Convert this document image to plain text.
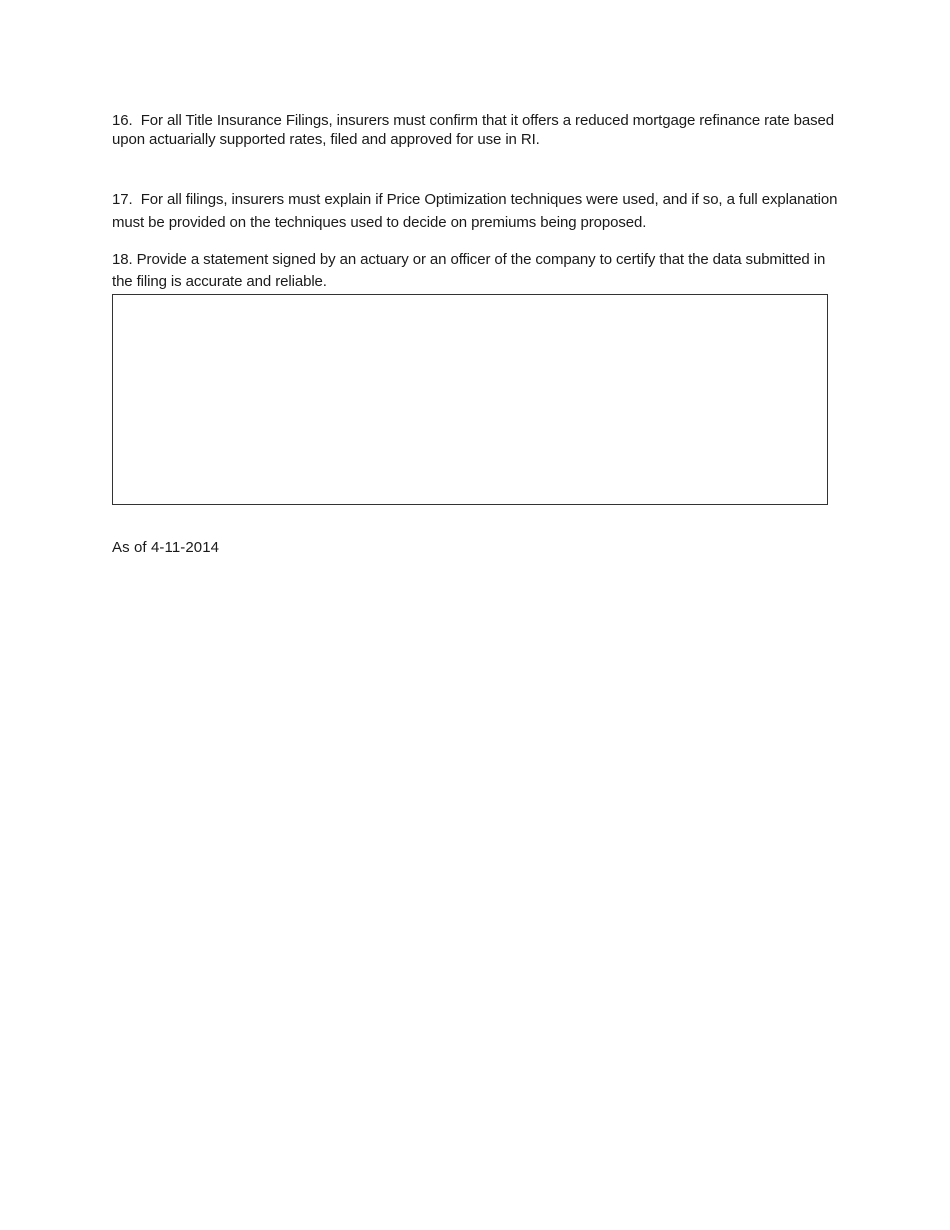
16. For all Title Insurance Filings, insurers must confirm that it offers a reduced mortgage refinance rate based upon actuarially supported rates, filed and approved for use in RI.

17. For all filings, insurers must explain if Price Optimization techniques were used, and if so, a full explanation must be provided on the techniques used to decide on premiums being proposed.

18. Provide a statement signed by an actuary or an officer of the company to certify that the data submitted in the filing is accurate and reliable.

As of 4-11-2014
